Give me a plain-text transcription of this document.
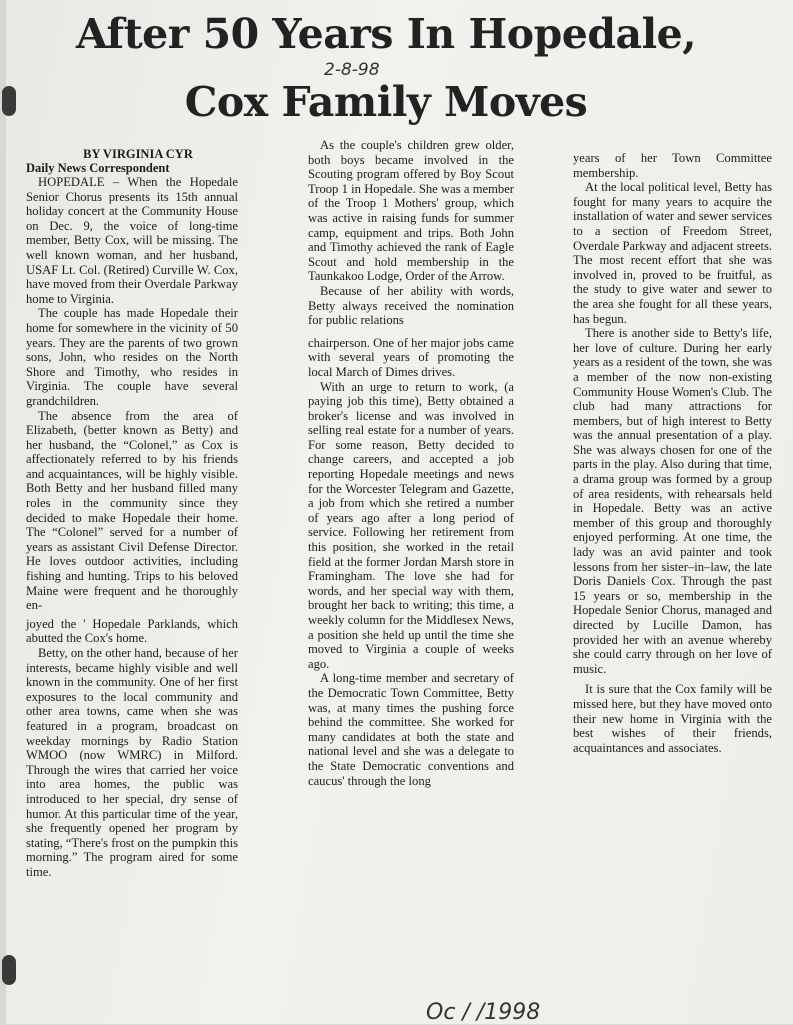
After 50 Years In Hopedale,
Cox Family Moves
2-8-98
Oc / /1998

BY VIRGINIA CYR

Daily News Correspondent

HOPEDALE – When the Hopedale Senior Chorus presents its 15th annual holiday concert at the Community House on Dec. 9, the voice of long-time member, Betty Cox, will be missing. The well known woman, and her husband, USAF Lt. Col. (Retired) Curville W. Cox, have moved from their Overdale Parkway home to Virginia.

The couple has made Hopedale their home for somewhere in the vicinity of 50 years. They are the parents of two grown sons, John, who resides on the North Shore and Timothy, who resides in Virginia. The couple have several grandchildren.

The absence from the area of Elizabeth, (better known as Betty) and her husband, the “Colonel,” as Cox is affectionately referred to by his friends and acquaintances, will be highly visible. Both Betty and her husband filled many roles in the community since they decided to make Hopedale their home. The “Colonel” served for a number of years as assistant Civil Defense Director. He loves outdoor activities, including fishing and hunting. Trips to his beloved Maine were frequent and he thoroughly en-

joyed the ' Hopedale Parklands, which abutted the Cox's home.

Betty, on the other hand, because of her interests, became highly visible and well known in the community. One of her first exposures to the local community and other area towns, came when she was featured in a program, broadcast on weekday mornings by Radio Station WMOO (now WMRC) in Milford. Through the wires that carried her voice into area homes, the public was introduced to her special, dry sense of humor. At this particular time of the year, she frequently opened her program by stating, “There's frost on the pumpkin this morning.” The program aired for some time.

As the couple's children grew older, both boys became involved in the Scouting program offered by Boy Scout Troop 1 in Hopedale. She was a member of the Troop 1 Mothers' group, which was active in raising funds for summer camp, equipment and trips. Both John and Timothy achieved the rank of Eagle Scout and hold membership in the Taunkakoo Lodge, Order of the Arrow.

Because of her ability with words, Betty always received the nomination for public relations

chairperson. One of her major jobs came with several years of promoting the local March of Dimes drives.

With an urge to return to work, (a paying job this time), Betty obtained a broker's license and was involved in selling real estate for a number of years. For some reason, Betty decided to change careers, and accepted a job reporting Hopedale meetings and news for the Worcester Telegram and Gazette, a job from which she retired a number of years ago after a long period of service. Following her retirement from this position, she worked in the retail field at the former Jordan Marsh store in Framingham. The love she had for words, and her special way with them, brought her back to writing; this time, a weekly column for the Middlesex News, a position she held up until the time she moved to Virginia a couple of weeks ago.

A long-time member and secretary of the Democratic Town Committee, Betty was, at many times the pushing force behind the committee. She worked for many candidates at both the state and national level and she was a delegate to the State Democratic conventions and caucus' through the long

years of her Town Committee membership.

At the local political level, Betty has fought for many years to acquire the installation of water and sewer services to a section of Freedom Street, Overdale Parkway and adjacent streets. The most recent effort that she was involved in, proved to be fruitful, as the study to give water and sewer to the area she fought for all these years, has begun.

There is another side to Betty's life, her love of culture. During her early years as a resident of the town, she was a member of the now non-existing Community House Women's Club. The club had many attractions for members, but of high interest to Betty was the annual presentation of a play. She was always chosen for one of the parts in the play. Also during that time, a drama group was formed by a group of area residents, with rehearsals held in Hopedale. Betty was an active member of this group and thoroughly enjoyed performing. At one time, the lady was an avid painter and took lessons from her sister–in–law, the late Doris Daniels Cox. Through the past 15 years or so, membership in the Hopedale Senior Chorus, managed and directed by Lucille Damon, has provided her with an avenue whereby she could carry through on her love of music.

It is sure that the Cox family will be missed here, but they have moved onto their new home in Virginia with the best wishes of their friends, acquaintances and associates.
